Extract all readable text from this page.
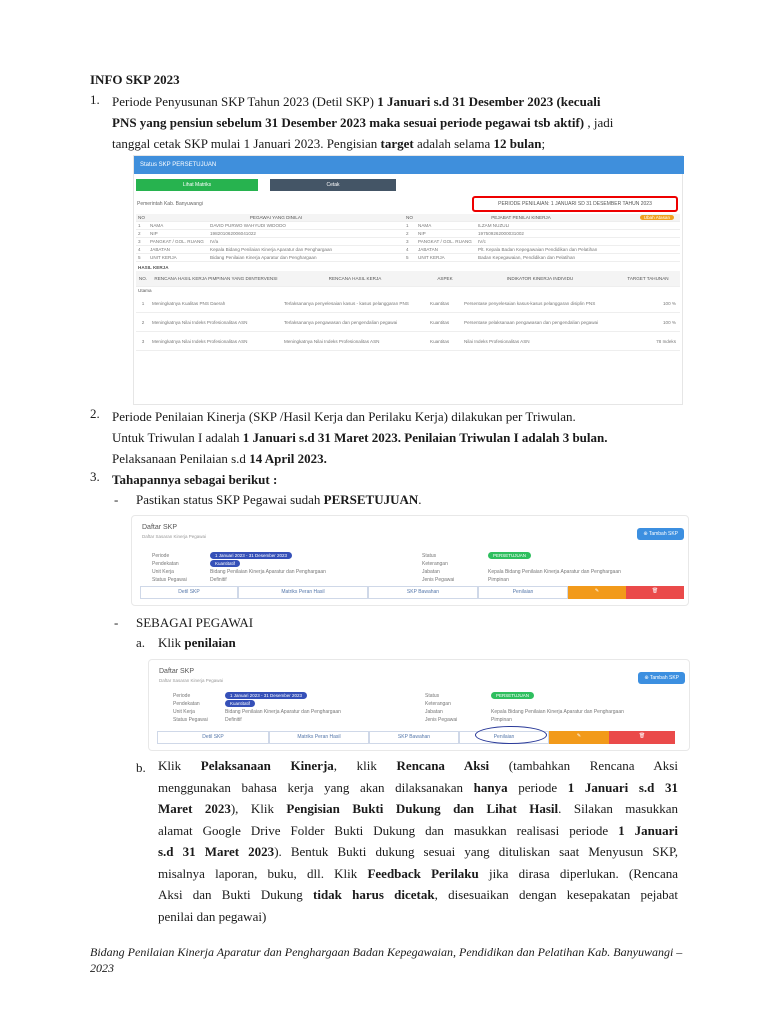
INFO SKP 2023
1. Periode Penyusunan SKP Tahun 2023 (Detil SKP) 1 Januari s.d 31 Desember 2023 (kecuali
PNS yang pensiun sebelum 31 Desember 2023 maka sesuai periode pegawai tsb aktif) , jadi
tanggal cetak SKP mulai 1 Januari 2023. Pengisian target adalah selama 12 bulan;
Status SKP PERSETUJUAN
Lihat Matriks	Cetak
Pemerintah Kab. Banyuwangi	PERIODE PENILAIAN: 1 JANUARI SD 31 DESEMBER TAHUN 2023
NO	PEGAWAI YANG DINILAI	NO	PEJABAT PENILAI KINERJA	Ubah Atasan
1	NAMA	DAVID PURWO WAHYUDI WIDODO	1	NAMA	ILZAM NUZULI
2	NIP	198201062006041022	2	NIP	197509262000031002
3	PANGKAT / GOL. RUANG	IV/a	3	PANGKAT / GOL. RUANG	IV/c
4	JABATAN	Kepala Bidang Penilaian Kinerja Aparatur dan Penghargaan	4	JABATAN	Plt. Kepala Badan Kepegawaian Pendidikan dan Pelatihan
5	UNIT KERJA	Bidang Penilaian Kinerja Aparatur dan Penghargaan	5	UNIT KERJA	Badan Kepegawaian, Pendidikan dan Pelatihan
HASIL KERJA
NO.	RENCANA HASIL KERJA PIMPINAN YANG DIINTERVENSI	RENCANA HASIL KERJA	ASPEK	INDIKATOR KINERJA INDIVIDU	TARGET TAHUNAN
Utama
1	Meningkatnya Kualitas PNS Daerah	Terlaksananya penyelesaian kasus - kasus pelanggaran PNS	Kuantitas	Persentase penyelesaian kasus-kasus pelanggaran disiplin PNS	100 %
2	Meningkatnya Nilai Indeks Profesionalitas ASN	Terlaksananya pengawasan dan pengendalian pegawai	Kuantitas	Persentase pelaksanaan pengawasan dan pengendalian pegawai	100 %
3	Meningkatnya Nilai Indeks Profesionalitas ASN	Meningkatnya Nilai Indeks Profesionalitas ASN	Kuantitas	Nilai Indeks Profesionalitas ASN	78 Indeks
2. Periode Penilaian Kinerja (SKP /Hasil Kerja dan Perilaku Kerja) dilakukan per Triwulan.
Untuk Triwulan I adalah 1 Januari s.d 31 Maret 2023. Penilaian Triwulan I adalah 3 bulan.
Pelaksanaan Penilaian s.d 14 April 2023.
3. Tahapannya sebagai berikut :
- Pastikan status SKP Pegawai sudah PERSETUJUAN.
Daftar SKP
Daftar Sasaran Kinerja Pegawai	⊕ Tambah SKP
Periode	1 Januari 2023 - 31 Desember 2023
Pendekatan	Kuantitatif
Unit Kerja	Bidang Penilaian Kinerja Aparatur dan Penghargaan
Status Pegawai	Definitif
Status	PERSETUJUAN
Keterangan
Jabatan	Kepala Bidang Penilaian Kinerja Aparatur dan Penghargaan
Jenis Pegawai	Pimpinan
Detil SKP	Matriks Peran Hasil	SKP Bawahan	Penilaian	✎	🗑
- SEBAGAI PEGAWAI
a. Klik penilaian
Daftar SKP
Daftar Sasaran Kinerja Pegawai	⊕ Tambah SKP
Periode	1 Januari 2023 - 31 Desember 2023
Pendekatan	Kuantitatif
Unit Kerja	Bidang Penilaian Kinerja Aparatur dan Penghargaan
Status Pegawai	Definitif
Status	PERSETUJUAN
Keterangan
Jabatan	Kepala Bidang Penilaian Kinerja Aparatur dan Penghargaan
Jenis Pegawai	Pimpinan
Detil SKP	Matriks Peran Hasil	SKP Bawahan	Penilaian	✎	🗑
b. Klik Pelaksanaan Kinerja, klik Rencana Aksi (tambahkan Rencana Aksi
menggunakan bahasa kerja yang akan dilaksanakan hanya periode 1 Januari s.d 31
Maret 2023), Klik Pengisian Bukti Dukung dan Lihat Hasil. Silakan masukkan
alamat Google Drive Folder Bukti Dukung dan masukkan realisasi periode 1 Januari
s.d 31 Maret 2023). Bentuk Bukti dukung sesuai yang dituliskan saat Menyusun SKP,
misalnya laporan, buku, dll. Klik Feedback Perilaku jika dirasa diperlukan. (Rencana
Aksi dan Bukti Dukung tidak harus dicetak, disesuaikan dengan kesepakatan pejabat
penilai dan pegawai)
Bidang Penilaian Kinerja Aparatur dan Penghargaan Badan Kepegawaian, Pendidikan dan Pelatihan Kab. Banyuwangi – 2023
